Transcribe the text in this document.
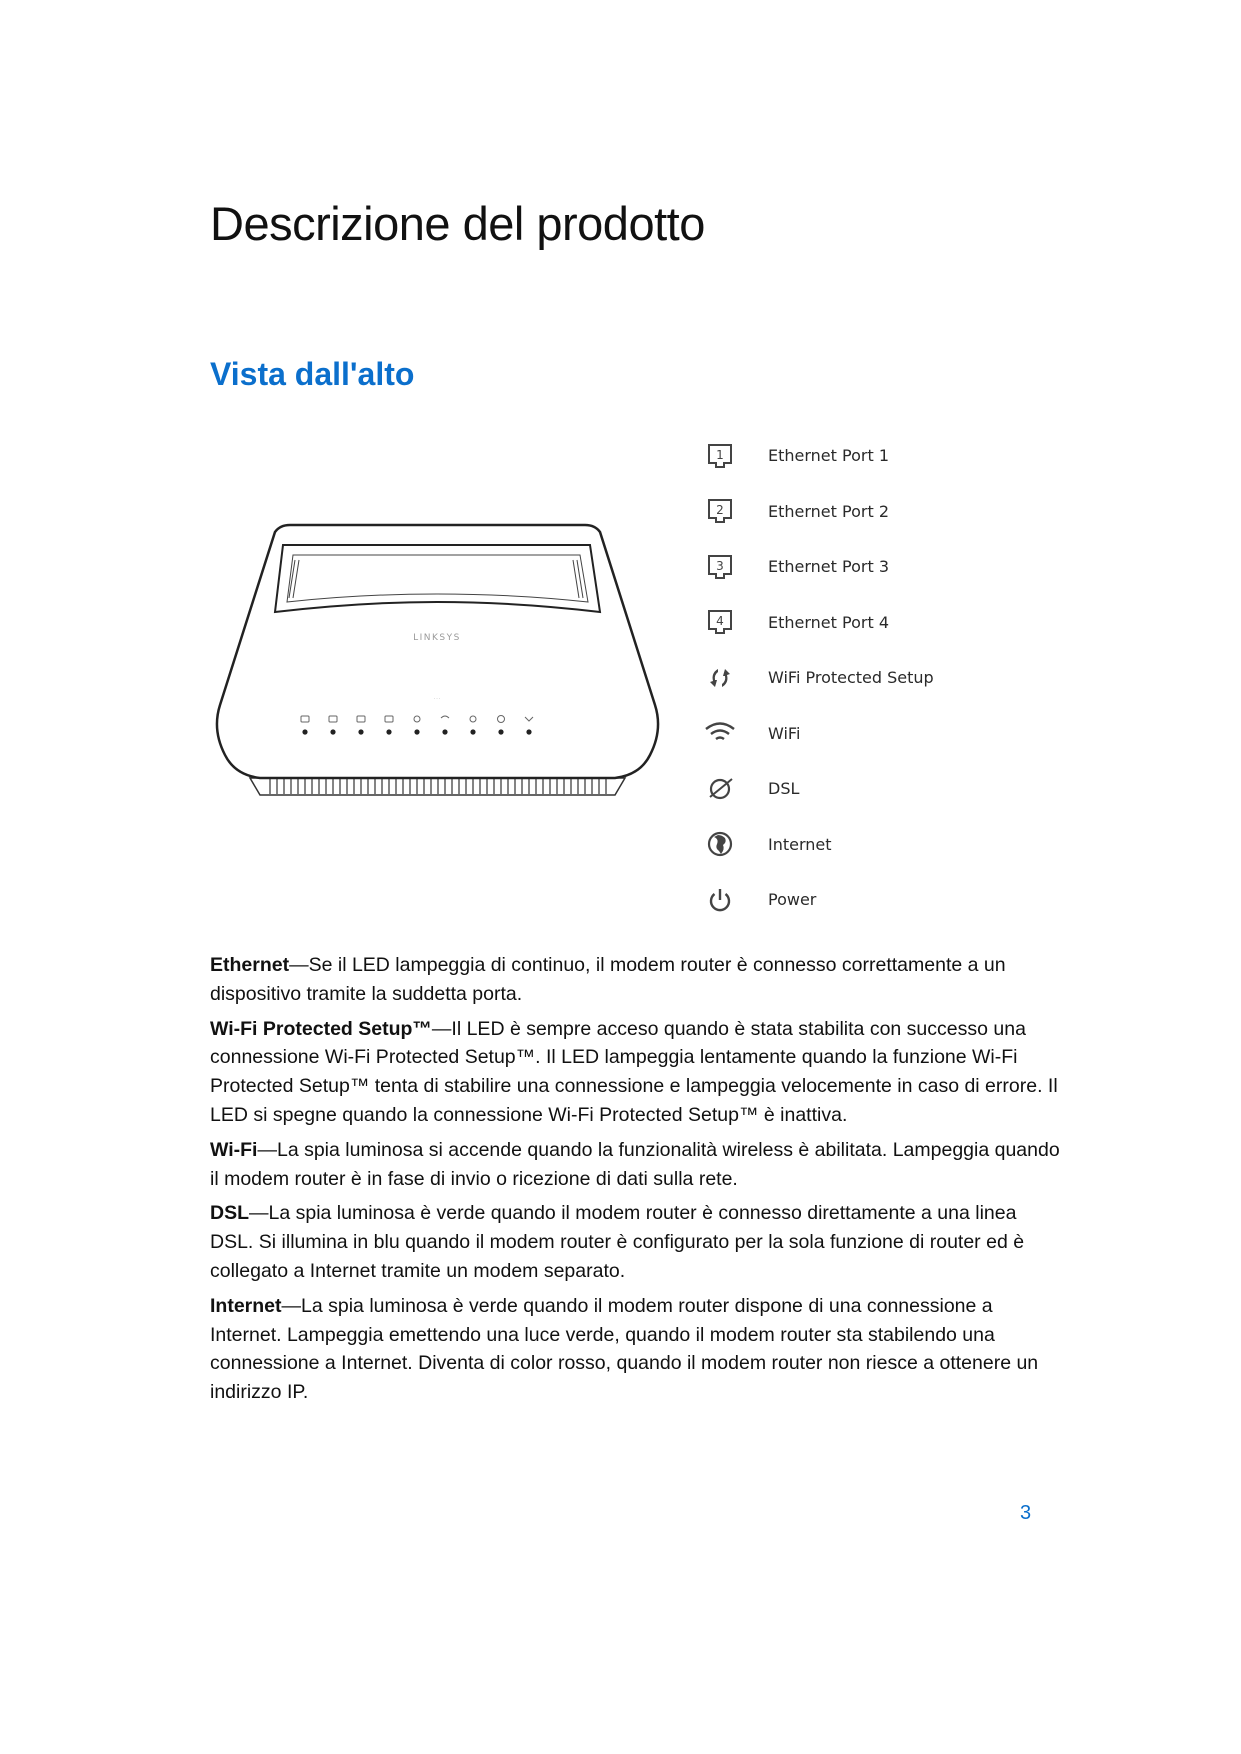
Descrizione del prodotto
Vista dall'alto
LINKSYS
· · ·
1	Ethernet Port 1
2	Ethernet Port 2
3	Ethernet Port 3
4	Ethernet Port 4
WiFi Protected Setup
WiFi
DSL
Internet
Power

Ethernet—Se il LED lampeggia di continuo, il modem router è connesso correttamente a un dispositivo tramite la suddetta porta.

Wi-Fi Protected Setup™—Il LED è sempre acceso quando è stata stabilita con successo una connessione Wi-Fi Protected Setup™. Il LED lampeggia lentamente quando la funzione Wi-Fi Protected Setup™ tenta di stabilire una connessione e lampeggia velocemente in caso di errore. Il LED si spegne quando la connessione Wi-Fi Protected Setup™ è inattiva.

Wi-Fi—La spia luminosa si accende quando la funzionalità wireless è abilitata. Lampeggia quando il modem router è in fase di invio o ricezione di dati sulla rete.

DSL—La spia luminosa è verde quando il modem router è connesso direttamente a una linea DSL. Si illumina in blu quando il modem router è configurato per la sola funzione di router ed è collegato a Internet tramite un modem separato.

Internet—La spia luminosa è verde quando il modem router dispone di una connessione a Internet. Lampeggia emettendo una luce verde, quando il modem router sta stabilendo una connessione a Internet. Diventa di color rosso, quando il modem router non riesce a ottenere un indirizzo IP.

3
